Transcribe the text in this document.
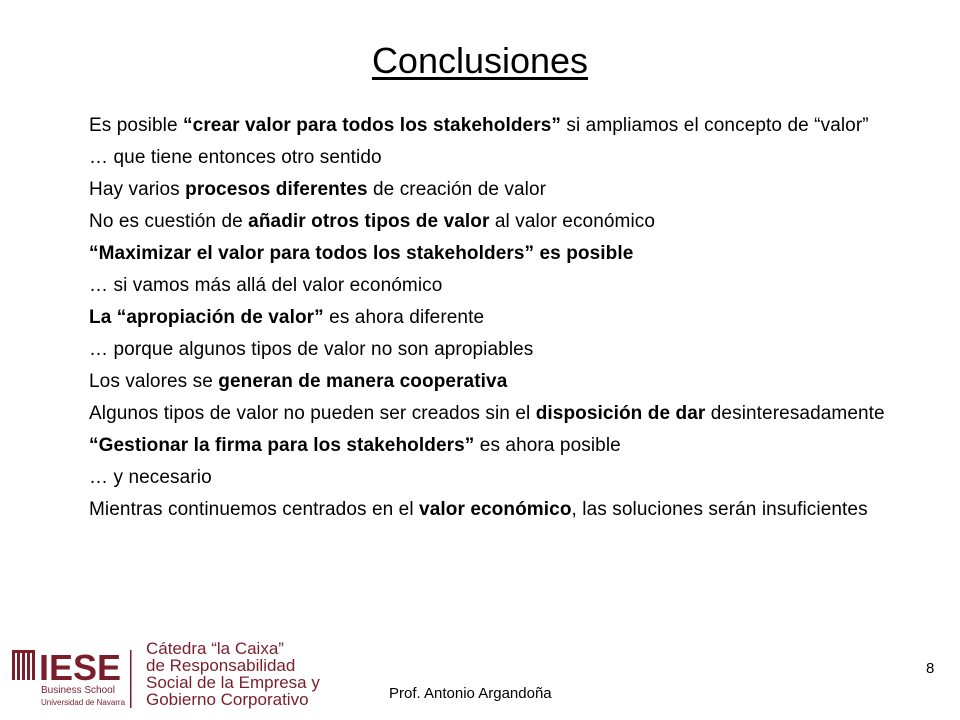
Conclusiones

Es posible “crear valor para todos los stakeholders” si ampliamos el concepto de “valor”

… que tiene entonces otro sentido

Hay varios procesos diferentes de creación de valor

No es cuestión de añadir otros tipos de valor al valor económico

“Maximizar el valor para todos los stakeholders” es posible

… si vamos más allá del valor económico

La “apropiación de valor” es ahora diferente

… porque algunos tipos de valor no son apropiables

Los valores se generan de manera cooperativa

Algunos tipos de valor no pueden ser creados sin el disposición de dar desinteresadamente

“Gestionar la firma para los stakeholders” es ahora posible

… y necesario

Mientras continuemos centrados en el valor económico, las soluciones serán insuficientes

IESE
Business School
Universidad de Navarra
Cátedra “la Caixa”
de Responsabilidad
Social de la Empresa y
Gobierno Corporativo	Prof. Antonio Argandoña
8
